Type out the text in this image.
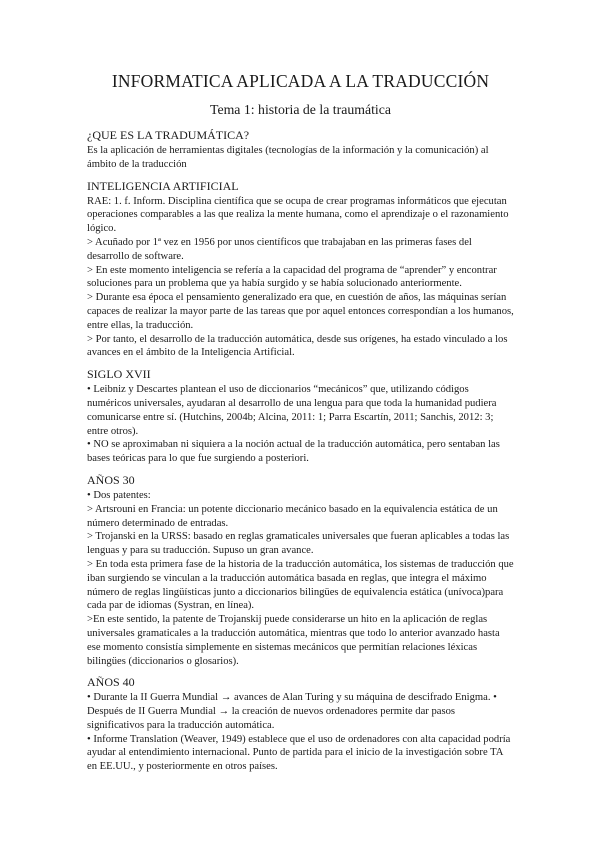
INFORMATICA APLICADA A LA TRADUCCIÓN
Tema 1: historia de la traumática
¿QUE ES LA TRADUMÁTICA?

Es la aplicación de herramientas digitales (tecnologías de la información y la comunicación) al ámbito de la traducción

INTELIGENCIA ARTIFICIAL

RAE: 1. f. Inform. Disciplina científica que se ocupa de crear programas informáticos que ejecutan operaciones comparables a las que realiza la mente humana, como el aprendizaje o el razonamiento lógico.

> Acuñado por 1ª vez en 1956 por unos científicos que trabajaban en las primeras fases del desarrollo de software.

> En este momento inteligencia se refería a la capacidad del programa de “aprender” y encontrar soluciones para un problema que ya había surgido y se había solucionado anteriormente.

> Durante esa época el pensamiento generalizado era que, en cuestión de años, las máquinas serían capaces de realizar la mayor parte de las tareas que por aquel entonces correspondían a los humanos, entre ellas, la traducción.

> Por tanto, el desarrollo de la traducción automática, desde sus orígenes, ha estado vinculado a los avances en el ámbito de la Inteligencia Artificial.

SIGLO XVII

• Leibniz y Descartes plantean el uso de diccionarios “mecánicos” que, utilizando códigos numéricos universales, ayudaran al desarrollo de una lengua para que toda la humanidad pudiera comunicarse entre sí. (Hutchins, 2004b; Alcina, 2011: 1; Parra Escartín, 2011; Sanchis, 2012: 3; entre otros).

• NO se aproximaban ni siquiera a la noción actual de la traducción automática, pero sentaban las bases teóricas para lo que fue surgiendo a posteriori.

AÑOS 30

• Dos patentes:

> Artsrouni en Francia: un potente diccionario mecánico basado en la equivalencia estática de un número determinado de entradas.

> Trojanski en la URSS: basado en reglas gramaticales universales que fueran aplicables a todas las lenguas y para su traducción. Supuso un gran avance.

> En toda esta primera fase de la historia de la traducción automática, los sistemas de traducción que iban surgiendo se vinculan a la traducción automática basada en reglas, que integra el máximo número de reglas lingüísticas junto a diccionarios bilingües de equivalencia estática (unívoca)para cada par de idiomas (Systran, en línea).

>En este sentido, la patente de Trojanskij puede considerarse un hito en la aplicación de reglas universales gramaticales a la traducción automática, mientras que todo lo anterior avanzado hasta ese momento consistía simplemente en sistemas mecánicos que permitían relaciones léxicas bilingües (diccionarios o glosarios).

AÑOS 40

• Durante la II Guerra Mundial → avances de Alan Turing y su máquina de descifrado Enigma. • Después de II Guerra Mundial → la creación de nuevos ordenadores permite dar pasos significativos para la traducción automática.

• Informe Translation (Weaver, 1949) establece que el uso de ordenadores con alta capacidad podría ayudar al entendimiento internacional. Punto de partida para el inicio de la investigación sobre TA en EE.UU., y posteriormente en otros países.
